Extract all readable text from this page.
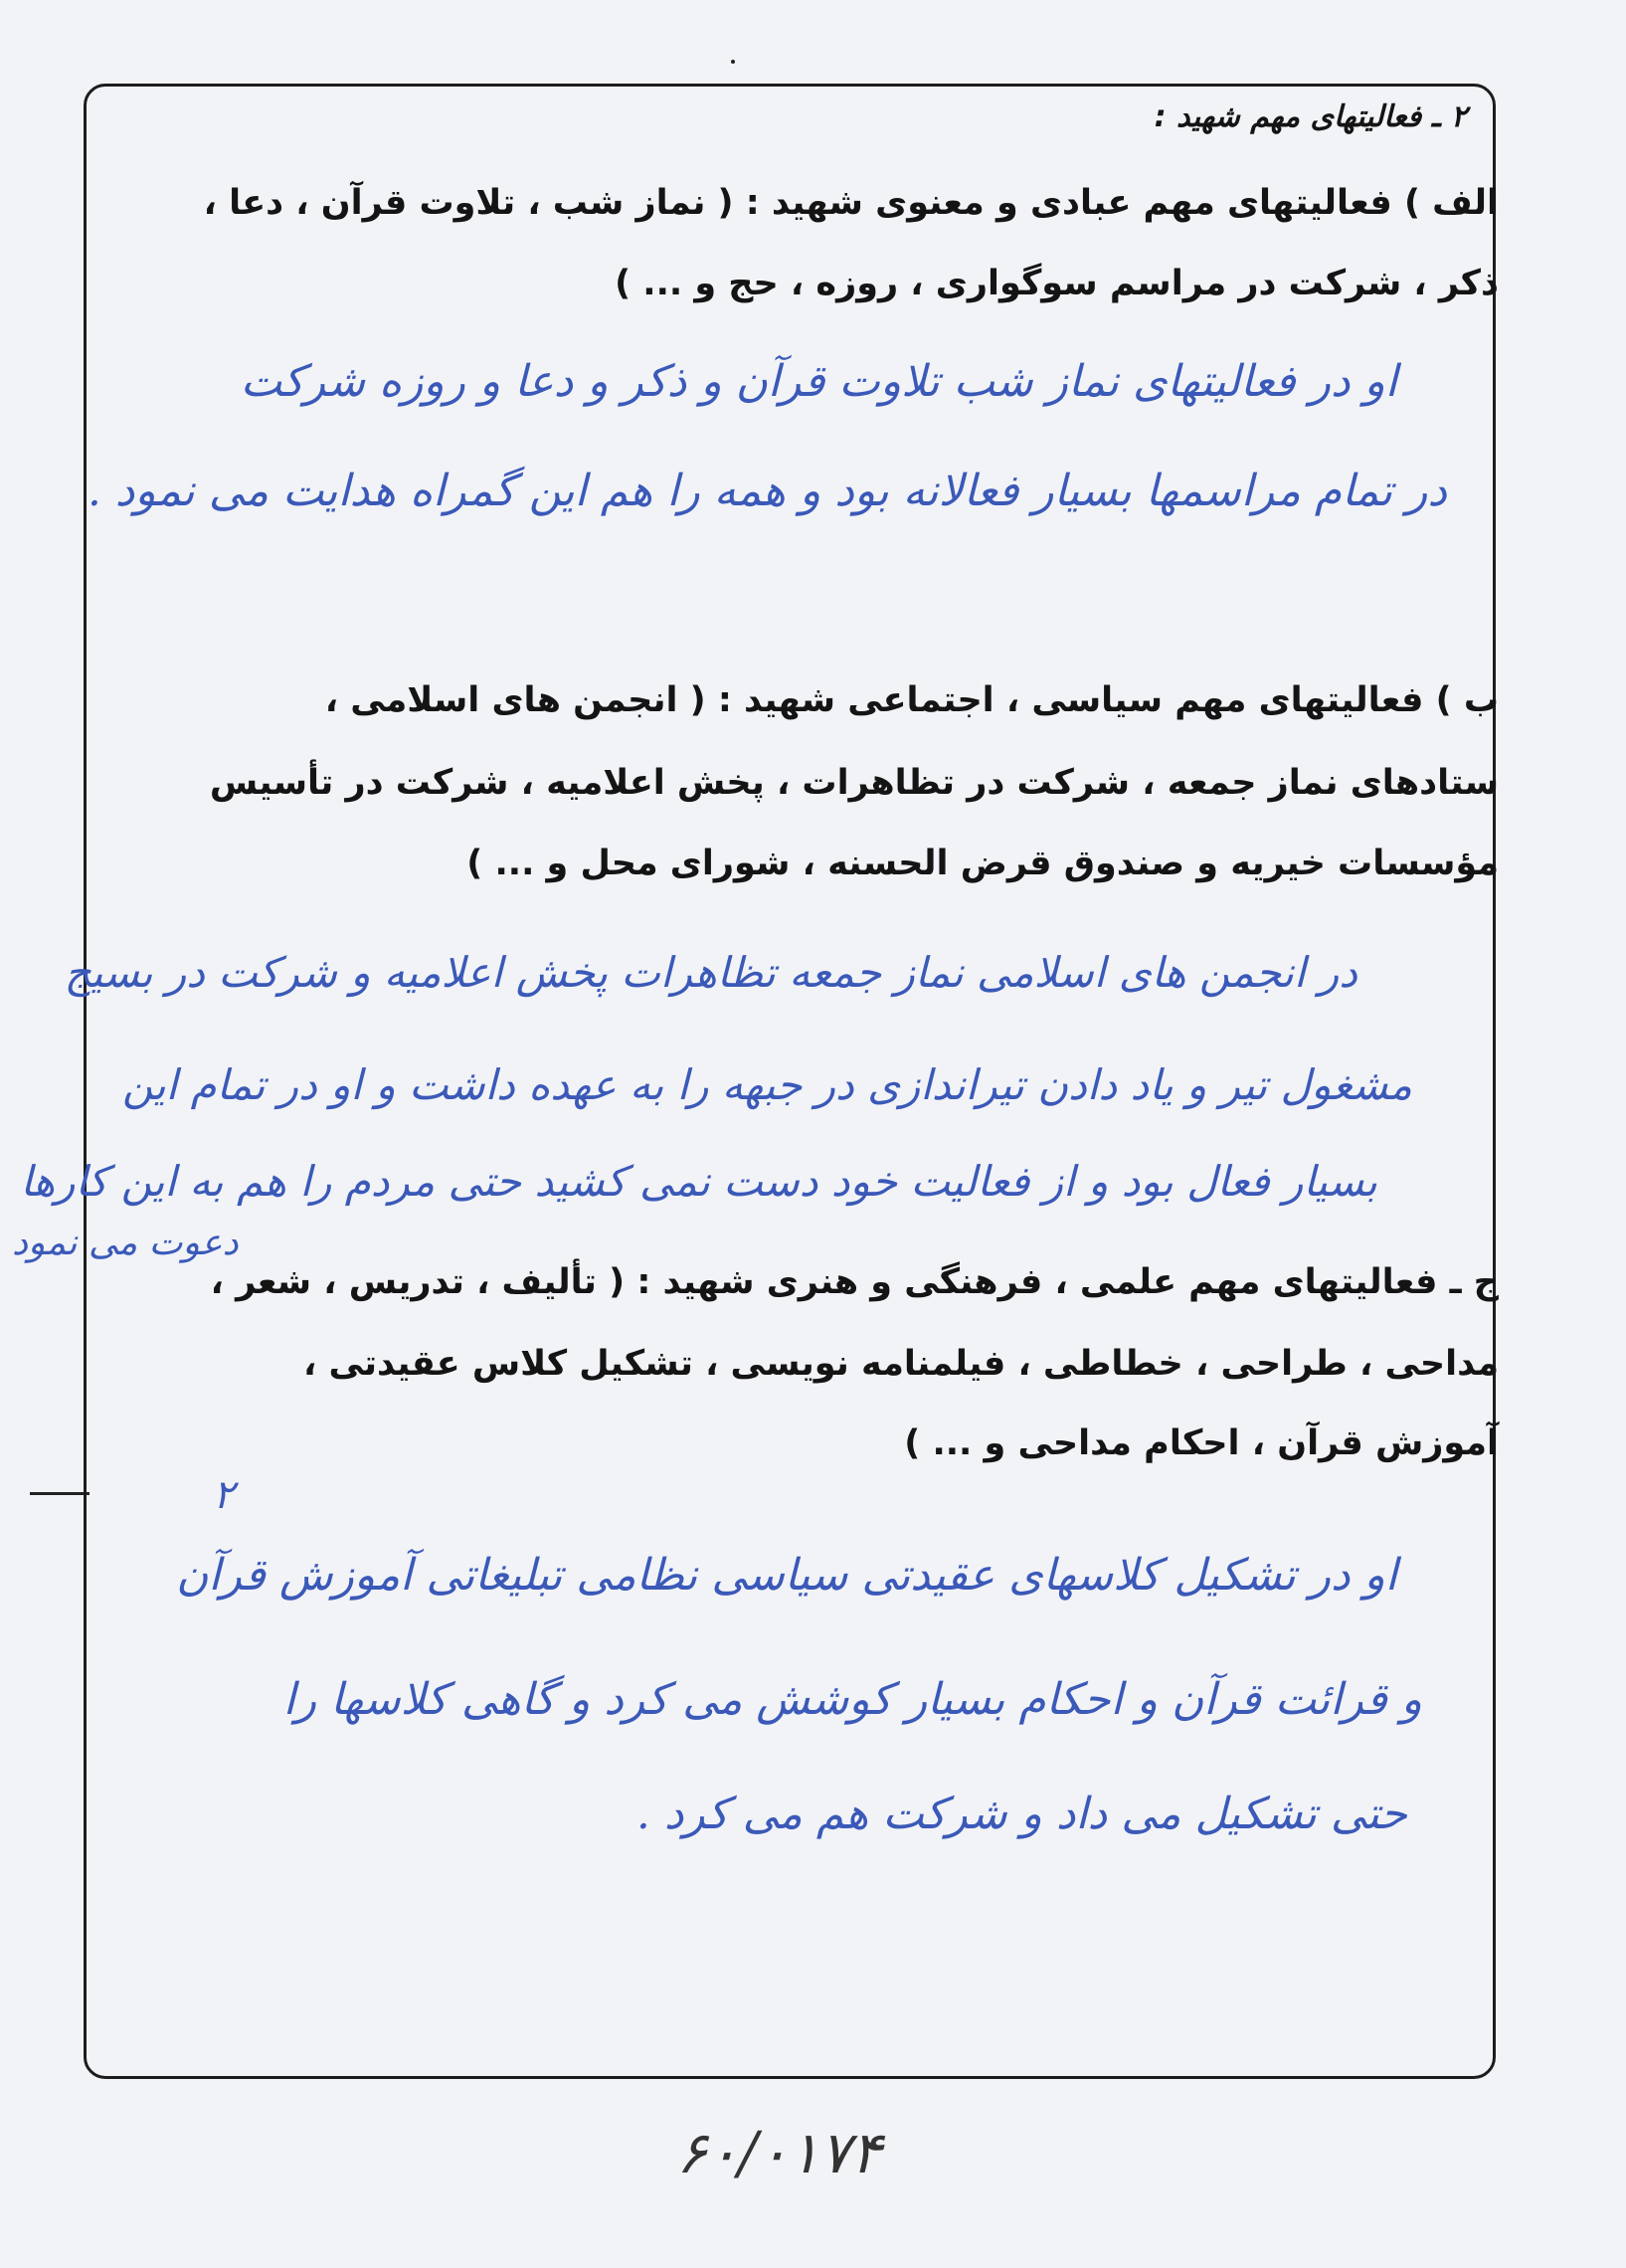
۲ ـ فعالیتهای مهم شهید :

الف ) فعالیتهای مهم عبادی و معنوی شهید : ( نماز شب ، تلاوت قرآن ، دعا ،

ذکر ، شرکت در مراسم سوگواری ، روزه ، حج و ... )

او در فعالیتهای نماز شب تلاوت قرآن و ذکر و دعا و روزه شرکت

در تمام مراسمها بسیار فعالانه بود و همه را هم این گمراه هدایت می نمود .

ب ) فعالیتهای مهم سیاسی ، اجتماعی شهید : ( انجمن های اسلامی ،

ستادهای نماز جمعه ، شرکت در تظاهرات ، پخش اعلامیه ، شرکت در تأسیس

مؤسسات خیریه و صندوق قرض الحسنه ، شورای محل و ... )

در انجمن های اسلامی نماز جمعه تظاهرات پخش اعلامیه و شرکت در بسیج

مشغول تیر و یاد دادن تیراندازی در جبهه را به عهده داشت و او در تمام این

بسیار فعال بود و از فعالیت خود دست نمی کشید حتی مردم را هم به این کارها

دعوت می نمود

ج ـ فعالیتهای مهم علمی ، فرهنگی و هنری شهید : ( تألیف ، تدریس ، شعر ،

مداحی ، طراحی ، خطاطی ، فیلمنامه نویسی ، تشکیل کلاس عقیدتی ،

آموزش قرآن ، احکام مداحی و ... )

۲

او در تشکیل کلاسهای عقیدتی سیاسی نظامی تبلیغاتی آموزش قرآن

و قرائت قرآن و احکام بسیار کوشش می کرد و گاهی کلاسها را

حتی تشکیل می داد و شرکت هم می کرد .

۶۰/۰۱۷۴
